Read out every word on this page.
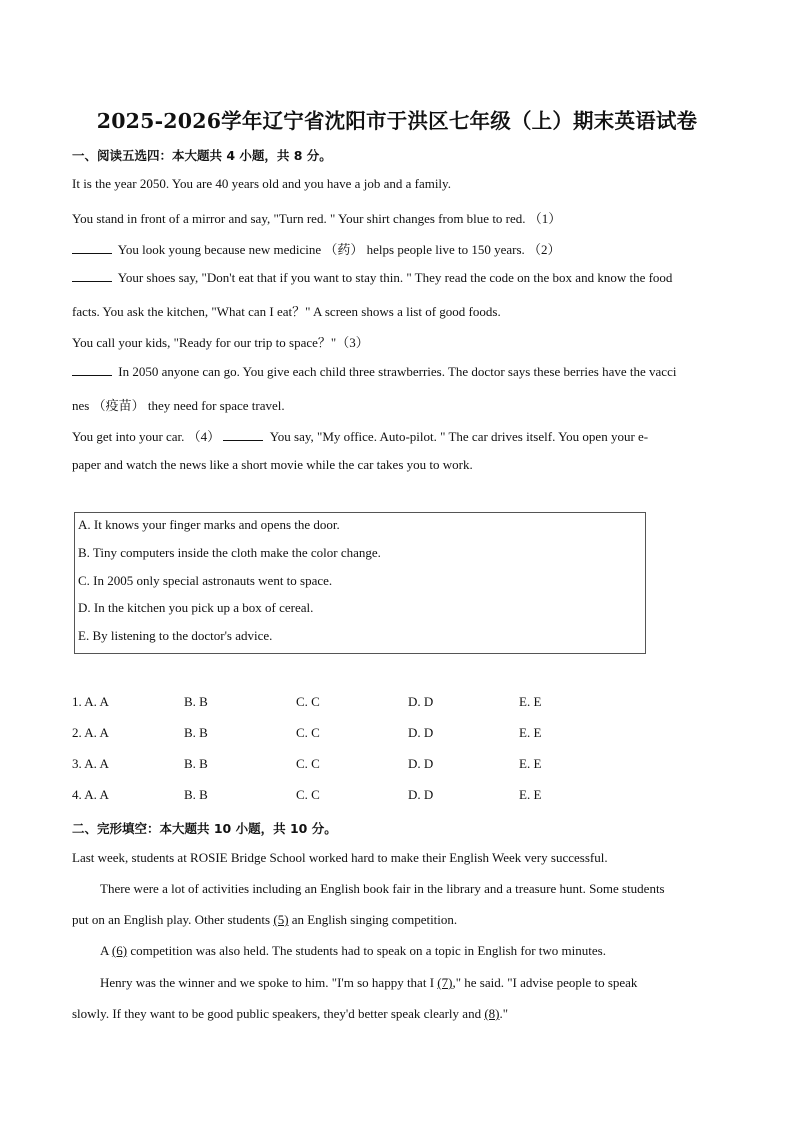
2025-2026学年辽宁省沈阳市于洪区七年级（上）期末英语试卷
一、阅读五选四：本大题共 4 小题，共 8 分。
It is the year 2050. You are 40 years old and you have a job and a family.
You stand in front of a mirror and say, "Turn red. " Your shirt changes from blue to red. （1）
You look young because new medicine （药） helps people live to 150 years. （2）
Your shoes say, "Don't eat that if you want to stay thin. " They read the code on the box and know the food
facts. You ask the kitchen, "What can I eat？" A screen shows a list of good foods.
You call your kids, "Ready for our trip to space？"（3）
In 2050 anyone can go. You give each child three strawberries. The doctor says these berries have the vacci
nes （疫苗） they need for space travel.
You get into your car. （4）	You say, "My office. Auto-pilot. " The car drives itself. You open your e-
paper and watch the news like a short movie while the car takes you to work.
A. It knows your finger marks and opens the door.
B. Tiny computers inside the cloth make the color change.
C. In 2005 only special astronauts went to space.
D. In the kitchen you pick up a box of cereal.
E. By listening to the doctor's advice.
1. A. A	B. B	C. C	D. D	E. E
2. A. A	B. B	C. C	D. D	E. E
3. A. A	B. B	C. C	D. D	E. E
4. A. A	B. B	C. C	D. D	E. E
二、完形填空：本大题共 10 小题，共 10 分。
Last week, students at ROSIE Bridge School worked hard to make their English Week very successful.
There were a lot of activities including an English book fair in the library and a treasure hunt. Some students
put on an English play. Other students (5) an English singing competition.
A (6) competition was also held. The students had to speak on a topic in English for two minutes.
Henry was the winner and we spoke to him. "I'm so happy that I (7)," he said. "I advise people to speak
slowly. If they want to be good public speakers, they'd better speak clearly and (8)."
